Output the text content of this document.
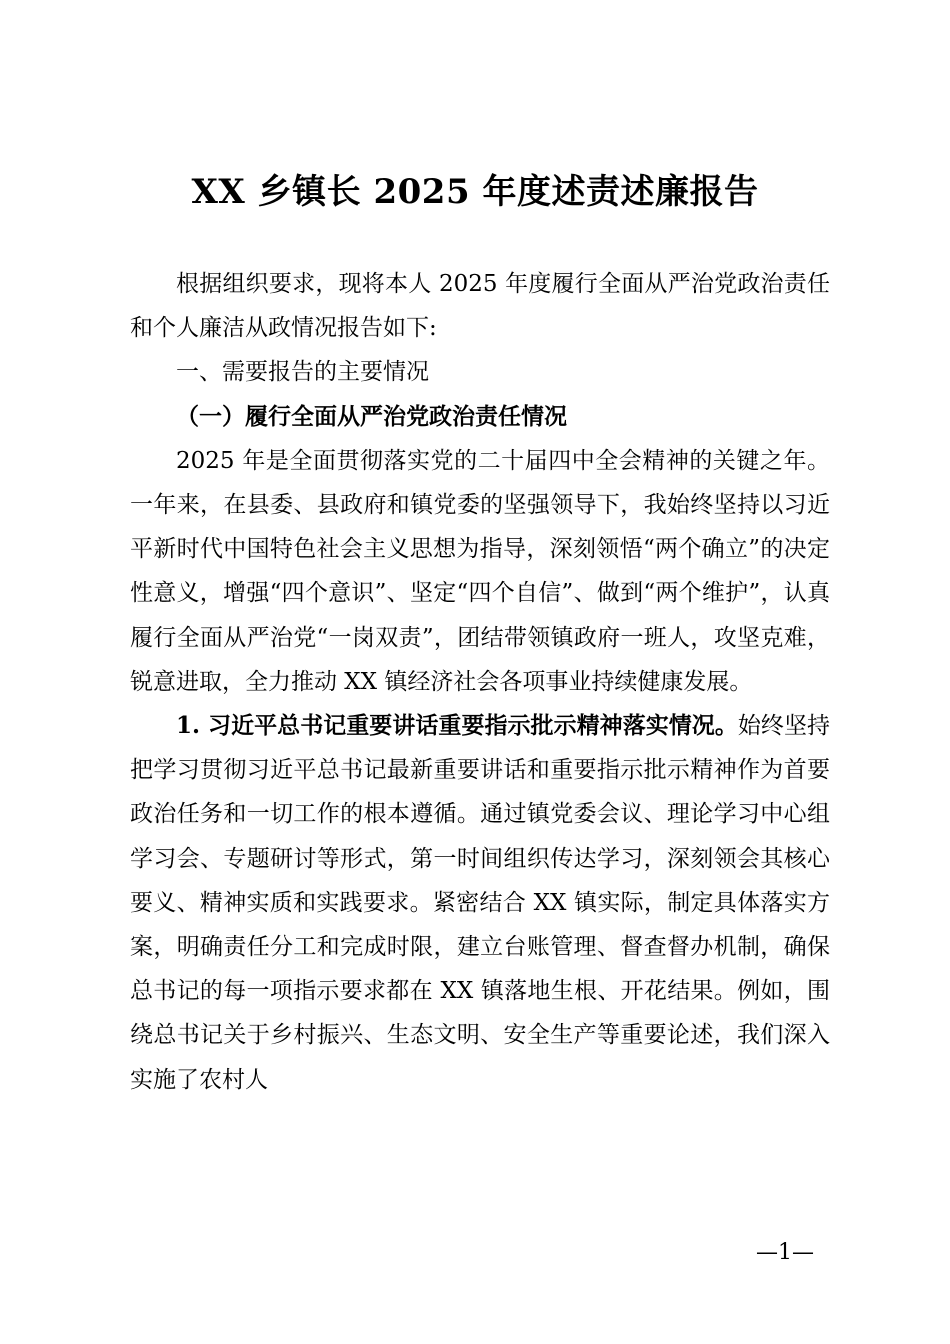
XX 乡镇长 2025 年度述责述廉报告

根据组织要求，现将本人 2025 年度履行全面从严治党政治责任和个人廉洁从政情况报告如下:

一、需要报告的主要情况

（一）履行全面从严治党政治责任情况

2025 年是全面贯彻落实党的二十届四中全会精神的关键之年。一年来，在县委、县政府和镇党委的坚强领导下，我始终坚持以习近平新时代中国特色社会主义思想为指导，深刻领悟“两个确立”的决定性意义，增强“四个意识”、坚定“四个自信”、做到“两个维护”，认真履行全面从严治党“一岗双责”，团结带领镇政府一班人，攻坚克难，锐意进取，全力推动 XX 镇经济社会各项事业持续健康发展。

1. 习近平总书记重要讲话重要指示批示精神落实情况。始终坚持把学习贯彻习近平总书记最新重要讲话和重要指示批示精神作为首要政治任务和一切工作的根本遵循。通过镇党委会议、理论学习中心组学习会、专题研讨等形式，第一时间组织传达学习，深刻领会其核心要义、精神实质和实践要求。紧密结合 XX 镇实际，制定具体落实方案，明确责任分工和完成时限，建立台账管理、督查督办机制，确保总书记的每一项指示要求都在 XX 镇落地生根、开花结果。例如，围绕总书记关于乡村振兴、生态文明、安全生产等重要论述，我们深入实施了农村人

—1—
